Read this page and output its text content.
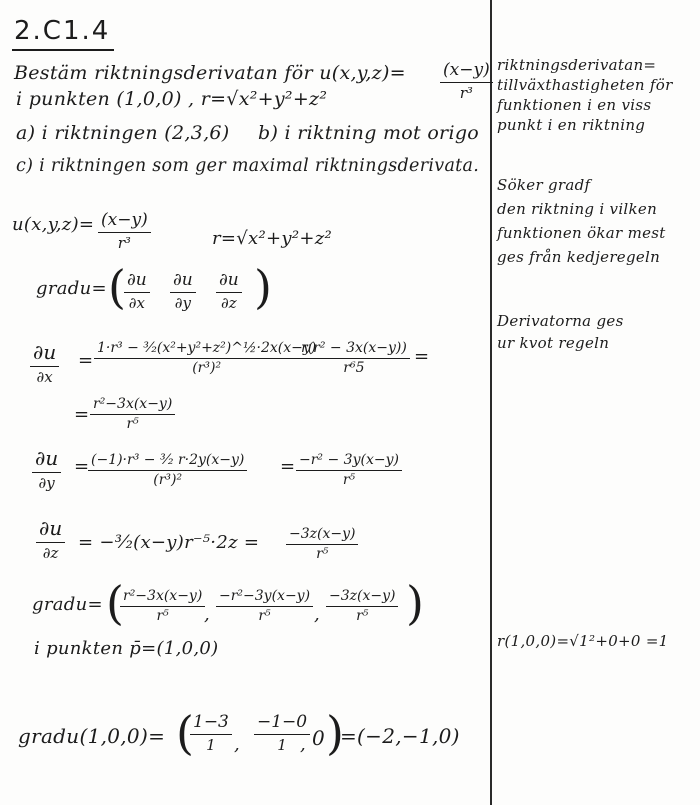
2.C1.4
Bestäm riktningsderivatan för $u(x,y,z)= \frac{(x-y)}{\text{r³}}$
i punkten (1,0,0) , r=√x²+y²+z²
a) i riktningen (2,3,6) b) i riktning mot origo
c) i riktningen som ger maximal riktningsderivata.
riktningsderivatan=
tillväxthastigheten för
funktionen i en viss
punkt i en riktning
Söker gradf
den riktning i vilken
funktionen ökar mest
ges från kedjeregeln
Derivatorna ges
ur kvot regeln
r(1,0,0)=√1²+0+0 =1
$u(x,y,z)= \frac{(x-y)}{\text{r³}}$	r=√x²+y²+z²
gradu= (
$\frac{\partial u}{\partial x} \frac{\partial u}{\partial y} \frac{\partial u}{\partial z}$ )
∂u
∂x
= $\frac{\text{1·r³ − ³⁄₂(x²+y²+z²)\textasciicircum{}½·2x(x−y)}}{\text{(r³)²}}$
$\frac{\text{r(r² − 3x(x−y))}}{\text{r⁶5}}$ =
= $\frac{\text{r²−3x(x−y)}}{\text{r⁵}}$
∂u
∂y
=
$\frac{\text{(−1)·r³ − ³⁄₂ r·2y(x−y)}}{\text{(r³)²}} = \frac{\text{−r² − 3y(x−y)}}{\text{r⁵}}$
∂u
∂z = −³⁄₂(x−y)r⁻⁵·2z = $\frac{-3z(x-y)}{\text{r⁵}}$
gradu= (
$\frac{\text{r²−3x(x−y)}}{\text{r⁵}}$
, $\frac{\text{−r²−3y(x−y)}}{\text{r⁵}}$ , $\frac{-3z(x-y)}{\text{r⁵}}$ )
i punkten p̄=(1,0,0)
gradu(1,0,0)= (
$\frac{1-3}{1}$ , $\frac{-1-0}{1}$
, 0 )
=(−2,−1,0)
